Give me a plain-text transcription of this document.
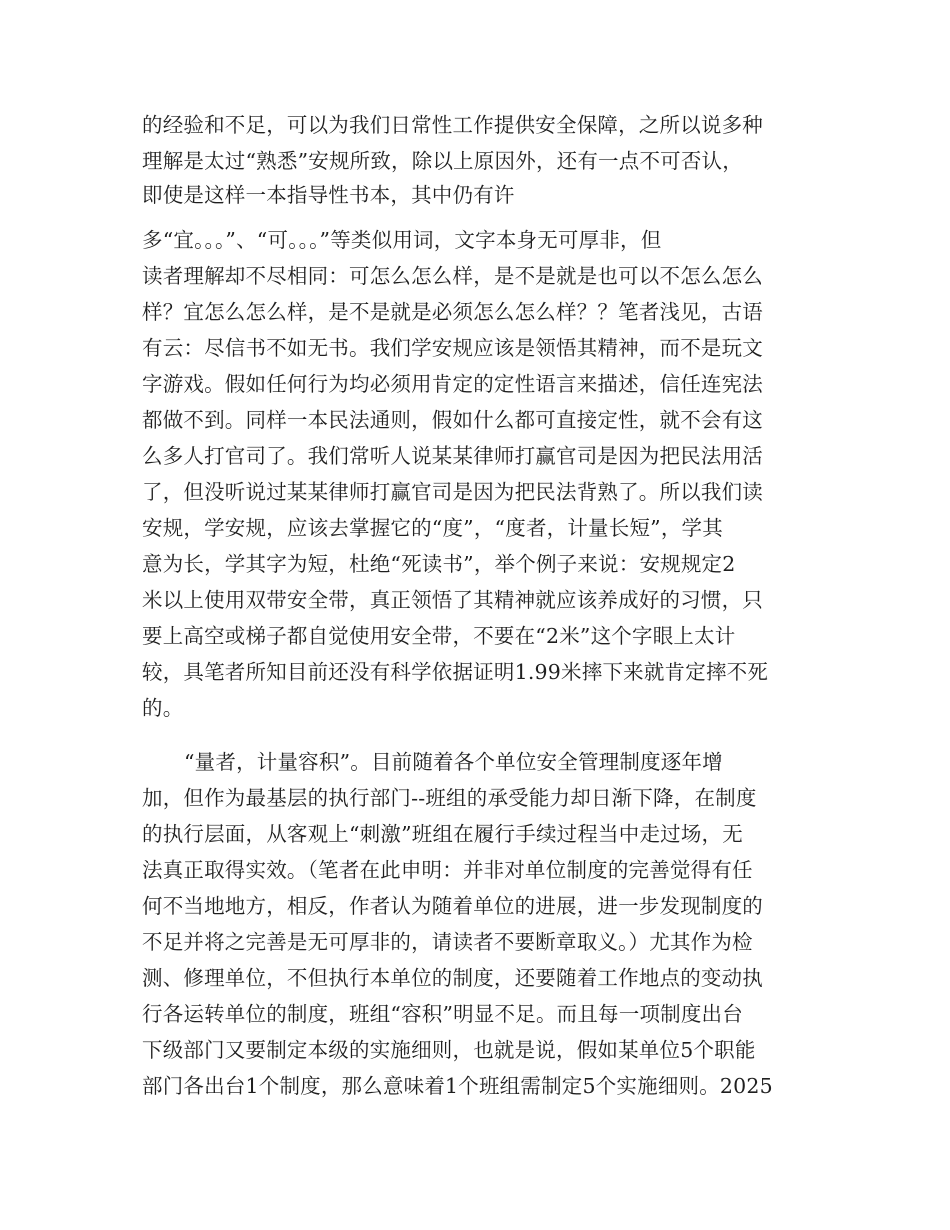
的经验和不足，可以为我们日常性工作提供安全保障，之所以说多种
理解是太过“熟悉”安规所致，除以上原因外，还有一点不可否认，
即使是这样一本指导性书本，其中仍有许
多“宜。。。”、“可。。。”等类似用词，文字本身无可厚非，但
读者理解却不尽相同：可怎么怎么样，是不是就是也可以不怎么怎么
样？宜怎么怎么样，是不是就是必须怎么怎么样？？笔者浅见，古语
有云：尽信书不如无书。我们学安规应该是领悟其精神，而不是玩文
字游戏。假如任何行为均必须用肯定的定性语言来描述，信任连宪法
都做不到。同样一本民法通则，假如什么都可直接定性，就不会有这
么多人打官司了。我们常听人说某某律师打赢官司是因为把民法用活
了，但没听说过某某律师打赢官司是因为把民法背熟了。所以我们读
安规，学安规，应该去掌握它的“度”，“度者，计量长短”，学其
意为长，学其字为短，杜绝“死读书”，举个例子来说：安规规定2
米以上使用双带安全带，真正领悟了其精神就应该养成好的习惯，只
要上高空或梯子都自觉使用安全带，不要在“2米”这个字眼上太计
较，具笔者所知目前还没有科学依据证明1.99米摔下来就肯定摔不死
的。
“量者，计量容积”。目前随着各个单位安全管理制度逐年增
加，但作为最基层的执行部门--班组的承受能力却日渐下降，在制度
的执行层面，从客观上“刺激”班组在履行手续过程当中走过场，无
法真正取得实效。（笔者在此申明：并非对单位制度的完善觉得有任
何不当地地方，相反，作者认为随着单位的进展，进一步发现制度的
不足并将之完善是无可厚非的，请读者不要断章取义。）尤其作为检
测、修理单位，不但执行本单位的制度，还要随着工作地点的变动执
行各运转单位的制度，班组“容积”明显不足。而且每一项制度出台
下级部门又要制定本级的实施细则，也就是说，假如某单位5个职能
部门各出台1个制度，那么意味着1个班组需制定5个实施细则。2025
